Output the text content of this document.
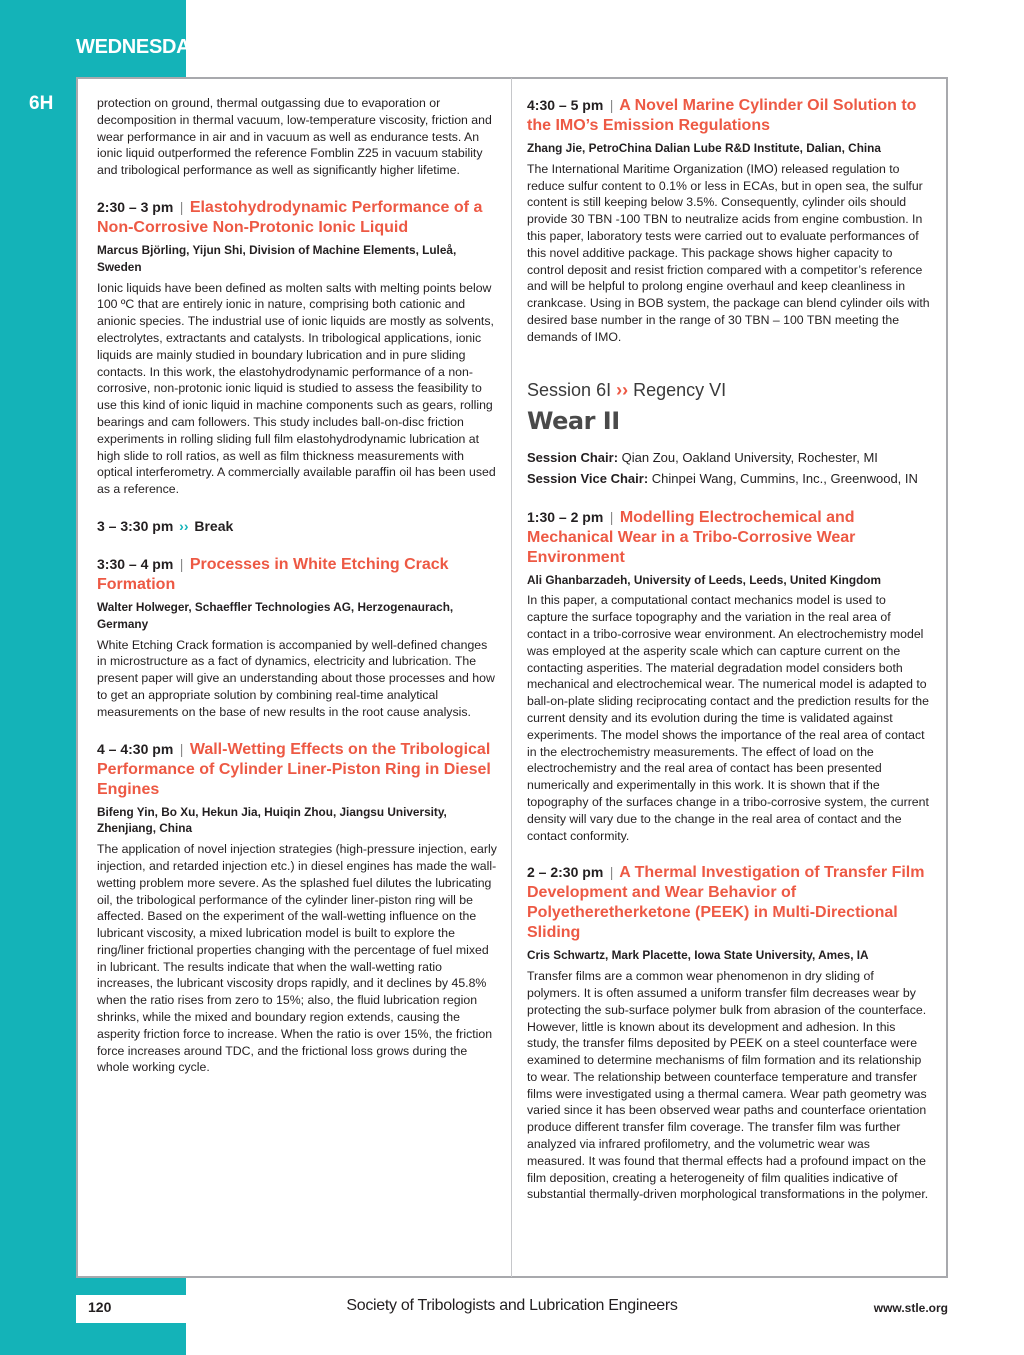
WEDNESDAY
6H	protection on ground, thermal outgassing due to evaporation or decomposition in thermal vacuum, low-temperature viscosity, friction and wear performance in air and in vacuum as well as endurance tests. An ionic liquid outperformed the reference Fomblin Z25 in vacuum stability and tribological performance as well as significantly higher lifetime.

2:30 – 3 pm | Elastohydrodynamic Performance of a Non-Corrosive Non-Protonic Ionic Liquid

Marcus Björling, Yijun Shi, Division of Machine Elements, Luleå, Sweden

Ionic liquids have been defined as molten salts with melting points below 100 ºC that are entirely ionic in nature, comprising both cationic and anionic species. The industrial use of ionic liquids are mostly as solvents, electrolytes, extractants and catalysts. In tribological applications, ionic liquids are mainly studied in boundary lubrication and in pure sliding contacts. In this work, the elastohydrodynamic performance of a non-corrosive, non-protonic ionic liquid is studied to assess the feasibility to use this kind of ionic liquid in machine components such as gears, rolling bearings and cam followers. This study includes ball-on-disc friction experiments in rolling sliding full film elastohydrodynamic lubrication at high slide to roll ratios, as well as film thickness measurements with optical interferometry. A commercially available paraffin oil has been used as a reference.

3 – 3:30 pm ›› Break
3:30 – 4 pm | Processes in White Etching Crack Formation

Walter Holweger, Schaeffler Technologies AG, Herzogenaurach, Germany

White Etching Crack formation is accompanied by well-defined changes in microstructure as a fact of dynamics, electricity and lubrication. The present paper will give an understanding about those processes and how to get an appropriate solution by combining real-time analytical measurements on the base of new results in the root cause analysis.

4 – 4:30 pm | Wall-Wetting Effects on the Tribological Performance of Cylinder Liner-Piston Ring in Diesel Engines

Bifeng Yin, Bo Xu, Hekun Jia, Huiqin Zhou, Jiangsu University, Zhenjiang, China

The application of novel injection strategies (high-pressure injection, early injection, and retarded injection etc.) in diesel engines has made the wall-wetting problem more severe. As the splashed fuel dilutes the lubricating oil, the tribological performance of the cylinder liner-piston ring will be affected. Based on the experiment of the wall-wetting influence on the lubricant viscosity, a mixed lubrication model is built to explore the ring/liner frictional properties changing with the percentage of fuel mixed in lubricant. The results indicate that when the wall-wetting ratio increases, the lubricant viscosity drops rapidly, and it declines by 45.8% when the ratio rises from zero to 15%; also, the fluid lubrication region shrinks, while the mixed and boundary region extends, causing the asperity friction force to increase. When the ratio is over 15%, the friction force increases around TDC, and the frictional loss grows during the whole working cycle.

4:30 – 5 pm | A Novel Marine Cylinder Oil Solution to the IMO’s Emission Regulations

Zhang Jie, PetroChina Dalian Lube R&D Institute, Dalian, China

The International Maritime Organization (IMO) released regulation to reduce sulfur content to 0.1% or less in ECAs, but in open sea, the sulfur content is still keeping below 3.5%. Consequently, cylinder oils should provide 30 TBN -100 TBN to neutralize acids from engine combustion. In this paper, laboratory tests were carried out to evaluate performances of this novel additive package. This package shows higher capacity to control deposit and resist friction compared with a competitor’s reference and will be helpful to prolong engine overhaul and keep cleanliness in crankcase. Using in BOB system, the package can blend cylinder oils with desired base number in the range of 30 TBN – 100 TBN meeting the demands of IMO.

Session 6I ›› Regency VI
Wear II

Session Chair: Qian Zou, Oakland University, Rochester, MI

Session Vice Chair: Chinpei Wang, Cummins, Inc., Greenwood, IN

1:30 – 2 pm | Modelling Electrochemical and Mechanical Wear in a Tribo-Corrosive Wear Environment

Ali Ghanbarzadeh, University of Leeds, Leeds, United Kingdom

In this paper, a computational contact mechanics model is used to capture the surface topography and the variation in the real area of contact in a tribo-corrosive wear environment. An electrochemistry model was employed at the asperity scale which can capture current on the contacting asperities. The material degradation model considers both mechanical and electrochemical wear. The numerical model is adapted to ball-on-plate sliding reciprocating contact and the prediction results for the current density and its evolution during the time is validated against experiments. The model shows the importance of the real area of contact in the electrochemistry measurements. The effect of load on the electrochemistry and the real area of contact has been presented numerically and experimentally in this work. It is shown that if the topography of the surfaces change in a tribo-corrosive system, the current density will vary due to the change in the real area of contact and the contact conformity.

2 – 2:30 pm | A Thermal Investigation of Transfer Film Development and Wear Behavior of Polyetheretherketone (PEEK) in Multi-Directional Sliding

Cris Schwartz, Mark Placette, Iowa State University, Ames, IA

Transfer films are a common wear phenomenon in dry sliding of polymers. It is often assumed a uniform transfer film decreases wear by protecting the sub-surface polymer bulk from abrasion of the counterface. However, little is known about its development and adhesion. In this study, the transfer films deposited by PEEK on a steel counterface were examined to determine mechanisms of film formation and its relationship to wear. The relationship between counterface temperature and transfer films were investigated using a thermal camera. Wear path geometry was varied since it has been observed wear paths and counterface orientation produce different transfer film coverage. The transfer film was further analyzed via infrared profilometry, and the volumetric wear was measured. It was found that thermal effects had a profound impact on the film deposition, creating a heterogeneity of film qualities indicative of substantial thermally-driven morphological transformations in the polymer.

120	Society of Tribologists and Lubrication Engineers	www.stle.org
